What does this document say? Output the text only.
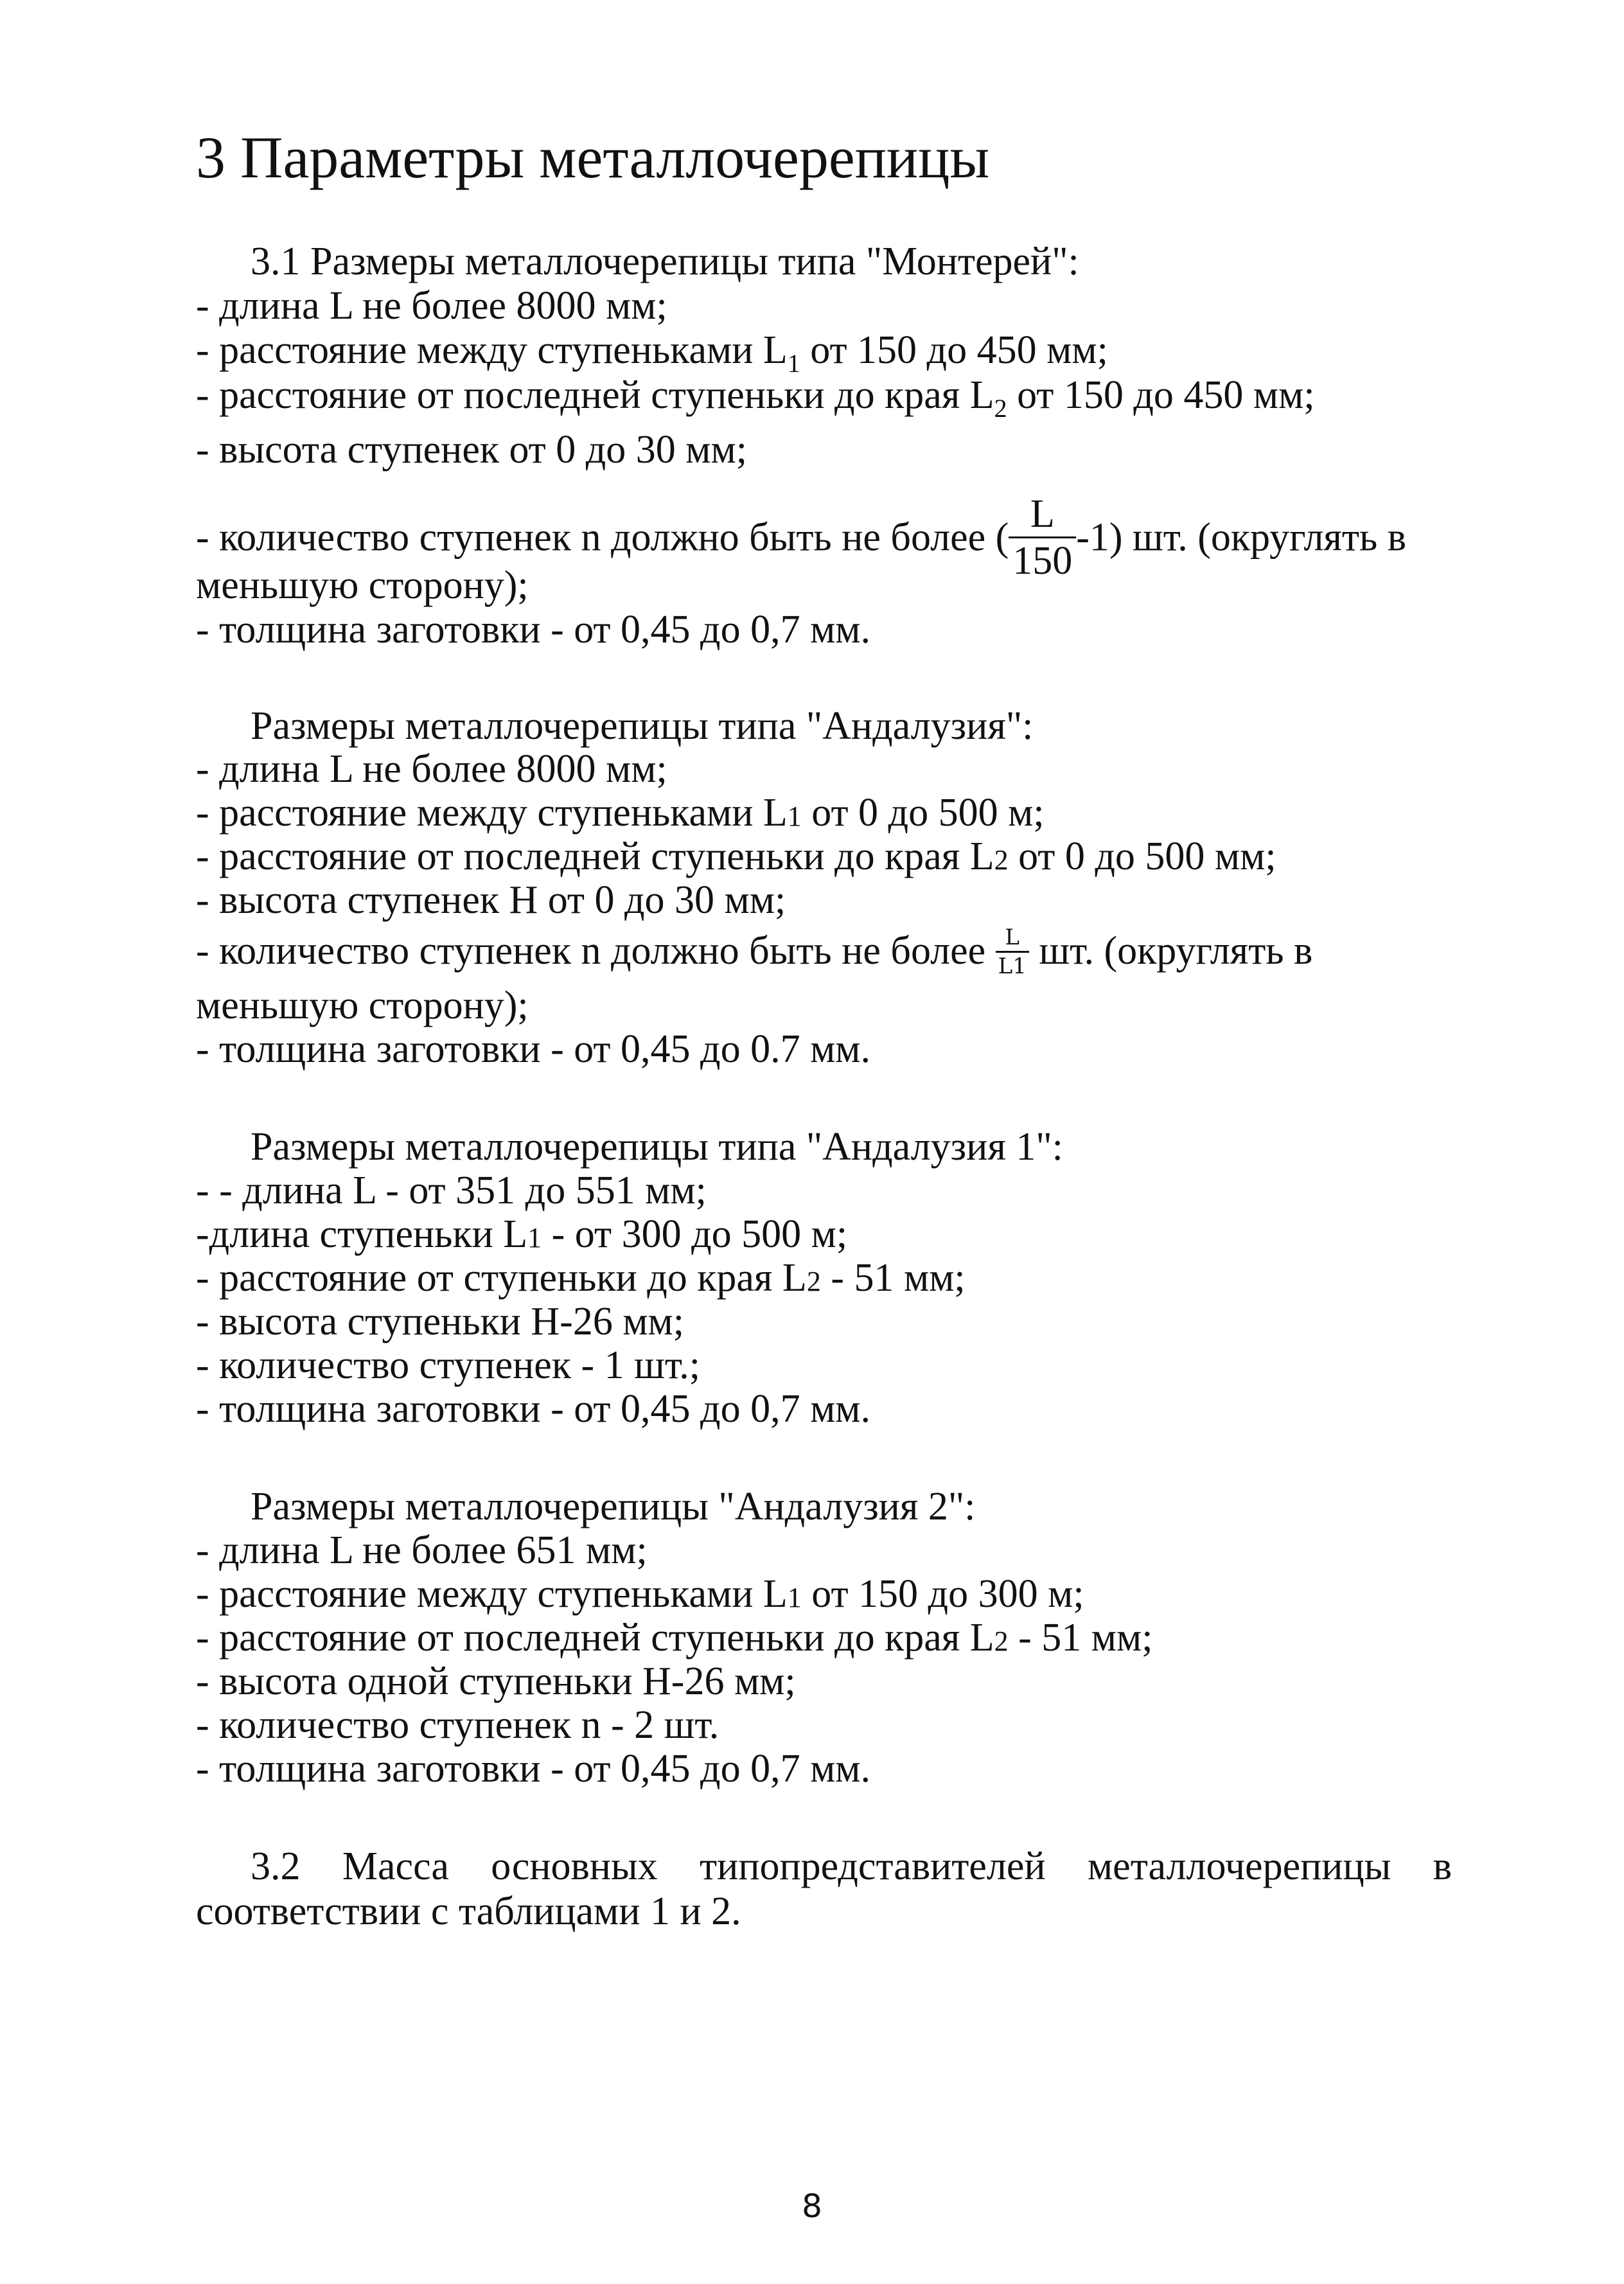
3 Параметры металлочерепицы
3.1 Размеры металлочерепицы типа "Монтерей":
- длина L не более 8000 мм;
- расстояние между ступеньками $L_1$ от 150 до 450 мм;
- расстояние от последней ступеньки до края $L_2$ от 150 до 450 мм;
- высота ступенек от 0 до 30 мм;
- количество ступенек n должно быть не более ( $\frac{L}{150} -1$) шт. (округлять в
меньшую сторону);
- толщина заготовки - от 0,45 до 0,7 мм.
Размеры металлочерепицы типа "Андалузия":
- длина L не более 8000 мм;
- расстояние между ступеньками L1 от 0 до 500 м;
- расстояние от последней ступеньки до края L2 от 0 до 500 мм;
- высота ступенек H от 0 до 30 мм;
- количество ступенек n должно быть не более $\frac{L}{L1}$ шт. (округлять в
меньшую сторону);
- толщина заготовки - от 0,45 до 0.7 мм.
Размеры металлочерепицы типа "Андалузия 1":
- - длина L - от 351 до 551 мм;
-длина ступеньки L1 - от 300 до 500 м;
- расстояние от ступеньки до края L2 - 51 мм;
- высота ступеньки H-26 мм;
- количество ступенек - 1 шт.;
- толщина заготовки - от 0,45 до 0,7 мм.
Размеры металлочерепицы "Андалузия 2":
- длина L не более 651 мм;
- расстояние между ступеньками L1 от 150 до 300 м;
- расстояние от последней ступеньки до края L2 - 51 мм;
- высота одной ступеньки H-26 мм;
- количество ступенек n - 2 шт.
- толщина заготовки - от 0,45 до 0,7 мм.
3.2 Масса основных типопредставителей металлочерепицы в
соответствии с таблицами 1 и 2.
8
